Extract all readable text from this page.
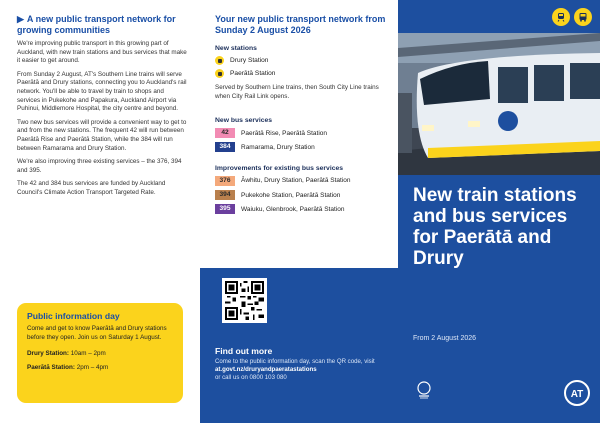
▶ A new public transport network for growing communities
We're improving public transport in this growing part of Auckland, with new train stations and bus services that make it easier to get around.
From Sunday 2 August, AT's Southern Line trains will serve Paerātā and Drury stations, connecting you to Auckland's rail network. You'll be able to travel by train to shops and services in Pukekohe and Papakura, Auckland Airport via Puhinui, Middlemore Hospital, the city centre and beyond.
Two new bus services will provide a convenient way to get to and from the new stations. The frequent 42 will run between Paerātā Rise and Paerātā Station, while the 384 will run between Ramarama and Drury Station.
We're also improving three existing services – the 376, 394 and 395.
The 42 and 384 bus services are funded by Auckland Council's Climate Action Transport Targeted Rate.
Public information day
Come and get to know Paerātā and Drury stations before they open. Join us on Saturday 1 August.
Drury Station: 10am – 2pm
Paerātā Station: 2pm – 4pm
Your new public transport network from Sunday 2 August 2026
New stations
Drury Station
Paerātā Station
Served by Southern Line trains, then South City Line trains when City Rail Link opens.
New bus services
42	Paerātā Rise, Paerātā Station
384	Ramarama, Drury Station
Improvements for existing bus services
376	Āwhitu, Drury Station, Paerātā Station
394	Pukekohe Station, Paerātā Station
395	Waiuku, Glenbrook, Paerātā Station
Find out more
Come to the public information day, scan the QR code, visit
at.govt.nz/druryandpaeratastations
or call us on 0800 103 080
New train stations and bus services for Paerātā and Drury
From 2 August 2026
AT
